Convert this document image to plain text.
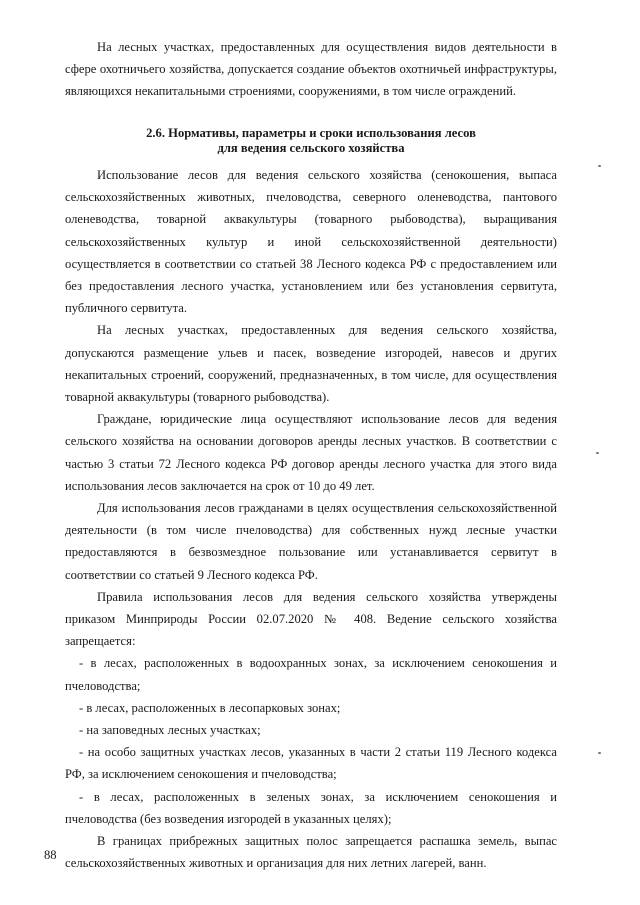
На лесных участках, предоставленных для осуществления видов деятельности в сфере охотничьего хозяйства, допускается создание объектов охотничьей инфраструктуры, являющихся некапитальными строениями, сооружениями, в том числе ограждений.

2.6. Нормативы, параметры и сроки использования лесов

для ведения сельского хозяйства

Использование лесов для ведения сельского хозяйства (сенокошения, выпаса сельскохозяйственных животных, пчеловодства, северного оленеводства, пантового оленеводства, товарной аквакультуры (товарного рыбоводства), выращивания сельскохозяйственных культур и иной сельскохозяйственной деятельности) осуществляется в соответствии со статьей 38 Лесного кодекса РФ с предоставлением или без предоставления лесного участка, установлением или без установления сервитута, публичного сервитута.

На лесных участках, предоставленных для ведения сельского хозяйства, допускаются размещение ульев и пасек, возведение изгородей, навесов и других некапитальных строений, сооружений, предназначенных, в том числе, для осуществления товарной аквакультуры (товарного рыбоводства).

Граждане, юридические лица осуществляют использование лесов для ведения сельского хозяйства на основании договоров аренды лесных участков. В соответствии с частью 3 статьи 72 Лесного кодекса РФ договор аренды лесного участка для этого вида использования лесов заключается на срок от 10 до 49 лет.

Для использования лесов гражданами в целях осуществления сельскохозяйственной деятельности (в том числе пчеловодства) для собственных нужд лесные участки предоставляются в безвозмездное пользование или устанавливается сервитут в соответствии со статьей 9 Лесного кодекса РФ.

Правила использования лесов для ведения сельского хозяйства утверждены приказом Минприроды России 02.07.2020 № 408. Ведение сельского хозяйства запрещается:

- в лесах, расположенных в водоохранных зонах, за исключением сенокошения и пчеловодства;

- в лесах, расположенных в лесопарковых зонах;

- на заповедных лесных участках;

- на особо защитных участках лесов, указанных в части 2 статьи 119 Лесного кодекса РФ, за исключением сенокошения и пчеловодства;

- в лесах, расположенных в зеленых зонах, за исключением сенокошения и пчеловодства (без возведения изгородей в указанных целях);

В границах прибрежных защитных полос запрещается распашка земель, выпас сельскохозяйственных животных и организация для них летних лагерей, ванн.

88
